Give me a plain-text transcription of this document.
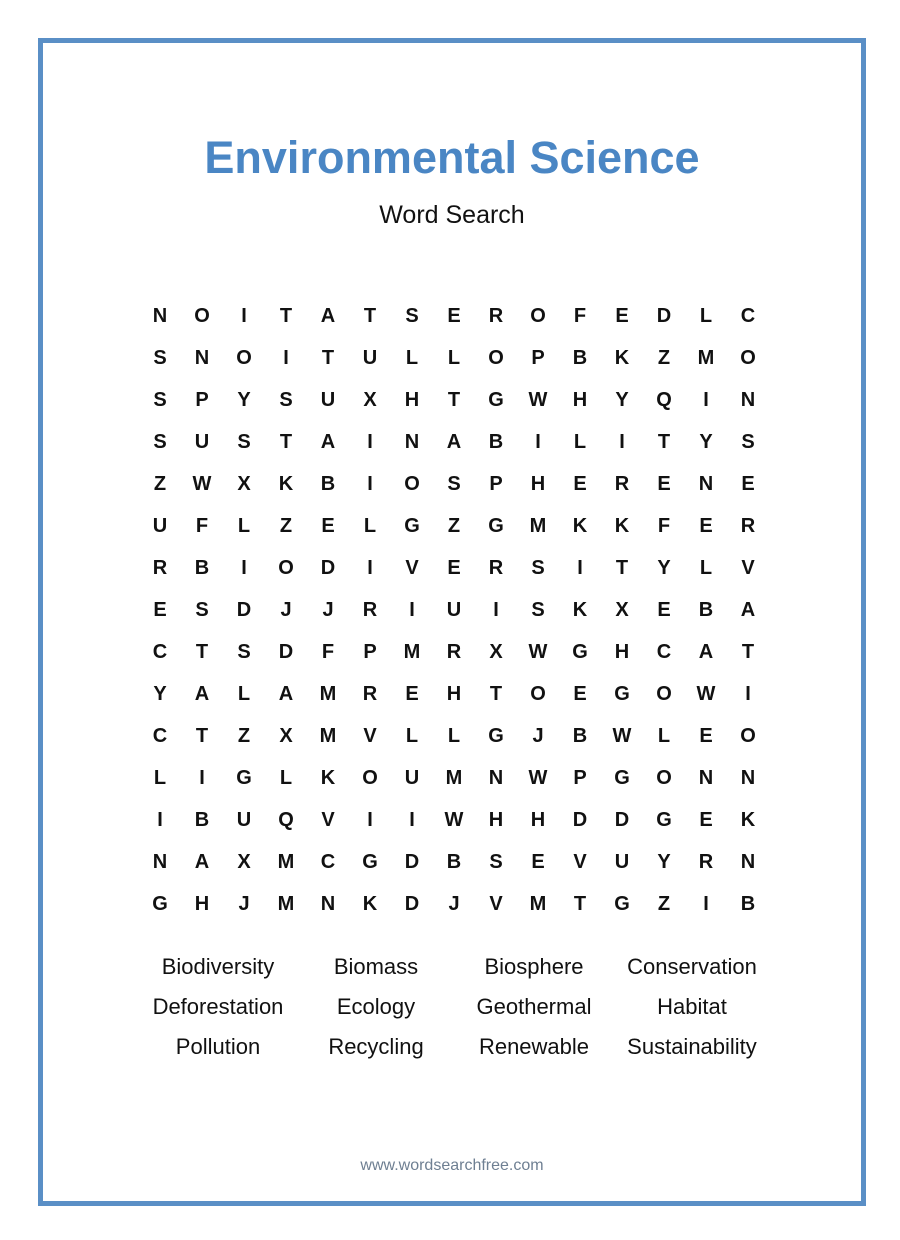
Environmental Science
Word Search
N	O	I	T	A	T	S	E	R	O	F	E	D	L	C
S	N	O	I	T	U	L	L	O	P	B	K	Z	M	O
S	P	Y	S	U	X	H	T	G	W	H	Y	Q	I	N
S	U	S	T	A	I	N	A	B	I	L	I	T	Y	S
Z	W	X	K	B	I	O	S	P	H	E	R	E	N	E
U	F	L	Z	E	L	G	Z	G	M	K	K	F	E	R
R	B	I	O	D	I	V	E	R	S	I	T	Y	L	V
E	S	D	J	J	R	I	U	I	S	K	X	E	B	A
C	T	S	D	F	P	M	R	X	W	G	H	C	A	T
Y	A	L	A	M	R	E	H	T	O	E	G	O	W	I
C	T	Z	X	M	V	L	L	G	J	B	W	L	E	O
L	I	G	L	K	O	U	M	N	W	P	G	O	N	N
I	B	U	Q	V	I	I	W	H	H	D	D	G	E	K
N	A	X	M	C	G	D	B	S	E	V	U	Y	R	N
G	H	J	M	N	K	D	J	V	M	T	G	Z	I	B
Biodiversity	Biomass	Biosphere	Conservation
Deforestation	Ecology	Geothermal	Habitat
Pollution	Recycling	Renewable	Sustainability
www.wordsearchfree.com
